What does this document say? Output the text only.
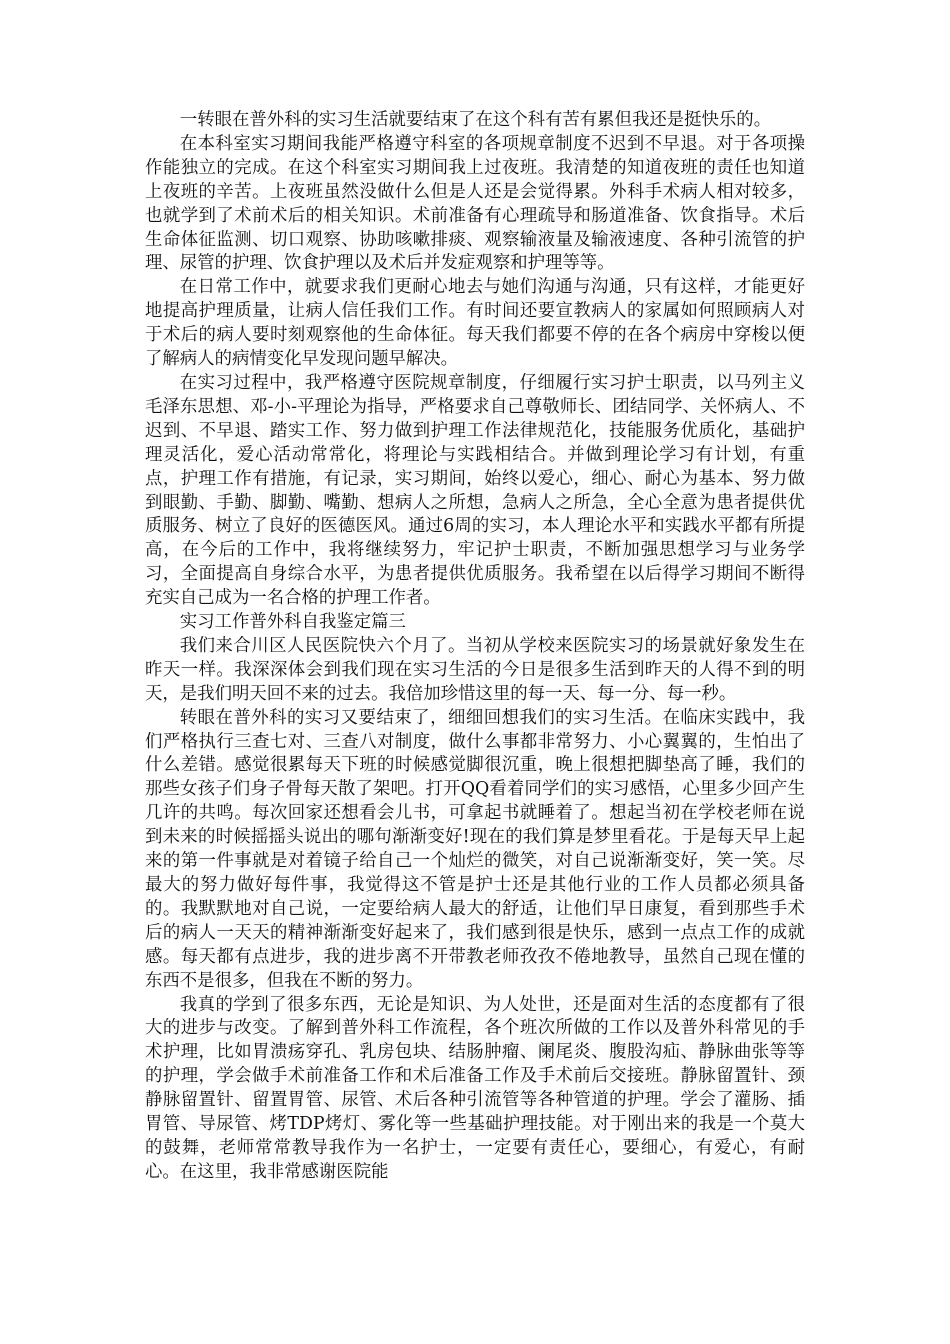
一转眼在普外科的实习生活就要结束了在这个科有苦有累但我还是挺快乐的。

在本科室实习期间我能严格遵守科室的各项规章制度不迟到不早退。对于各项操作能独立的完成。在这个科室实习期间我上过夜班。我清楚的知道夜班的责任也知道上夜班的辛苦。上夜班虽然没做什么但是人还是会觉得累。外科手术病人相对较多，也就学到了术前术后的相关知识。术前准备有心理疏导和肠道准备、饮食指导。术后生命体征监测、切口观察、协助咳嗽排痰、观察输液量及输液速度、各种引流管的护理、尿管的护理、饮食护理以及术后并发症观察和护理等等。

在日常工作中，就要求我们更耐心地去与她们沟通与沟通，只有这样，才能更好地提高护理质量，让病人信任我们工作。有时间还要宣教病人的家属如何照顾病人对于术后的病人要时刻观察他的生命体征。每天我们都要不停的在各个病房中穿梭以便了解病人的病情变化早发现问题早解决。

在实习过程中，我严格遵守医院规章制度，仔细履行实习护士职责，以马列主义毛泽东思想、邓-小-平理论为指导，严格要求自己尊敬师长、团结同学、关怀病人、不迟到、不早退、踏实工作、努力做到护理工作法律规范化，技能服务优质化，基础护理灵活化，爱心活动常常化，将理论与实践相结合。并做到理论学习有计划，有重点，护理工作有措施，有记录，实习期间，始终以爱心，细心、耐心为基本、努力做到眼勤、手勤、脚勤、嘴勤、想病人之所想，急病人之所急，全心全意为患者提供优质服务、树立了良好的医德医风。通过6周的实习，本人理论水平和实践水平都有所提高，在今后的工作中，我将继续努力，牢记护士职责，不断加强思想学习与业务学习，全面提高自身综合水平，为患者提供优质服务。我希望在以后得学习期间不断得充实自己成为一名合格的护理工作者。

实习工作普外科自我鉴定篇三

我们来合川区人民医院快六个月了。当初从学校来医院实习的场景就好象发生在昨天一样。我深深体会到我们现在实习生活的今日是很多生活到昨天的人得不到的明天，是我们明天回不来的过去。我倍加珍惜这里的每一天、每一分、每一秒。

转眼在普外科的实习又要结束了，细细回想我们的实习生活。在临床实践中，我们严格执行三查七对、三查八对制度，做什么事都非常努力、小心翼翼的，生怕出了什么差错。感觉很累每天下班的时候感觉脚很沉重，晚上很想把脚垫高了睡，我们的那些女孩子们身子骨每天散了架吧。打开QQ看着同学们的实习感悟，心里多少回产生几许的共鸣。每次回家还想看会儿书，可拿起书就睡着了。想起当初在学校老师在说到未来的时候摇摇头说出的哪句渐渐变好!现在的我们算是梦里看花。于是每天早上起来的第一件事就是对着镜子给自己一个灿烂的微笑，对自己说渐渐变好，笑一笑。尽最大的努力做好每件事，我觉得这不管是护士还是其他行业的工作人员都必须具备的。我默默地对自己说，一定要给病人最大的舒适，让他们早日康复，看到那些手术后的病人一天天的精神渐渐变好起来了，我们感到很是快乐，感到一点点工作的成就感。每天都有点进步，我的进步离不开带教老师孜孜不倦地教导，虽然自己现在懂的东西不是很多，但我在不断的努力。

我真的学到了很多东西，无论是知识、为人处世，还是面对生活的态度都有了很大的进步与改变。了解到普外科工作流程，各个班次所做的工作以及普外科常见的手术护理，比如胃溃疡穿孔、乳房包块、结肠肿瘤、阑尾炎、腹股沟疝、静脉曲张等等的护理，学会做手术前准备工作和术后准备工作及手术前后交接班。静脉留置针、颈静脉留置针、留置胃管、尿管、术后各种引流管等各种管道的护理。学会了灌肠、插胃管、导尿管、烤TDP烤灯、雾化等一些基础护理技能。对于刚出来的我是一个莫大的鼓舞，老师常常教导我作为一名护士，一定要有责任心，要细心，有爱心，有耐心。在这里，我非常感谢医院能
